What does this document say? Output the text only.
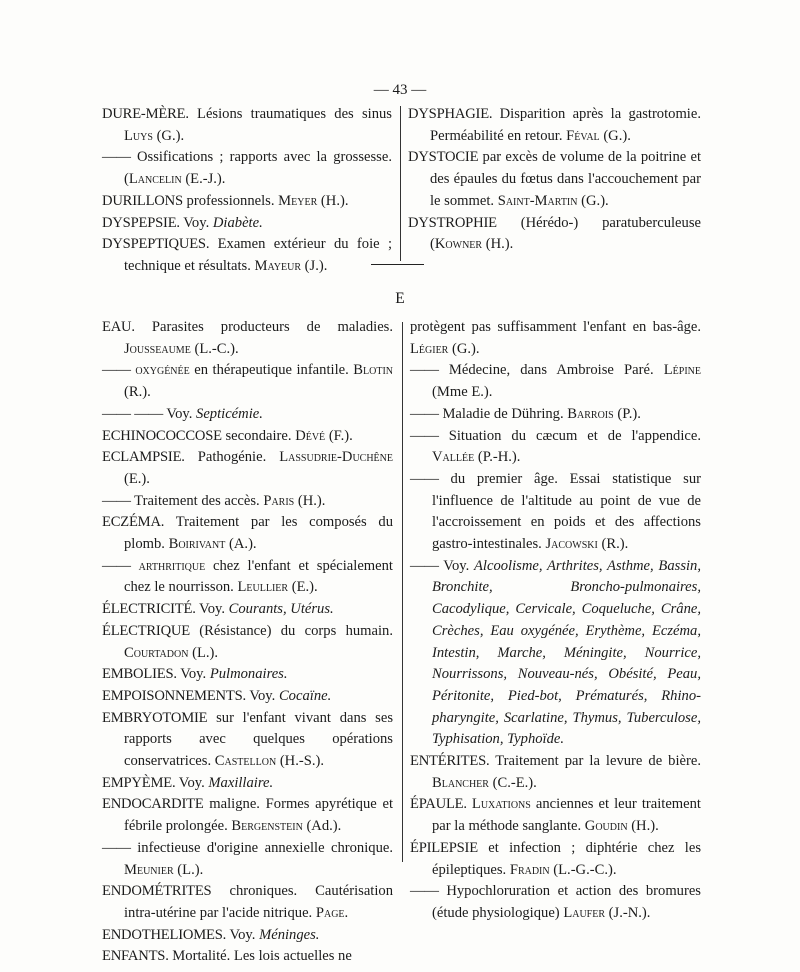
— 43 —

DURE-MÈRE. Lésions traumatiques des sinus Luys (G.).

—— Ossifications ; rapports avec la grossesse. (Lancelin (E.-J.).

DURILLONS professionnels. Meyer (H.).

DYSPEPSIE. Voy. Diabète.

DYSPEPTIQUES. Examen extérieur du foie ; technique et résultats. Mayeur (J.).

DYSPHAGIE. Disparition après la gastrotomie. Perméabilité en retour. Féval (G.).

DYSTOCIE par excès de volume de la poitrine et des épaules du fœtus dans l'accouchement par le sommet. Saint-Martin (G.).

DYSTROPHIE (Hérédo-) paratuberculeuse (Kowner (H.).

E

EAU. Parasites producteurs de maladies. Jousseaume (L.-C.).

—— oxygénée en thérapeutique infantile. Blotin (R.).

—— —— Voy. Septicémie.

ECHINOCOCCOSE secondaire. Dévé (F.).

ECLAMPSIE. Pathogénie. Lassudrie-Duchêne (E.).

—— Traitement des accès. Paris (H.).

ECZÉMA. Traitement par les composés du plomb. Boirivant (A.).

—— arthritique chez l'enfant et spécialement chez le nourrisson. Leullier (E.).

ÉLECTRICITÉ. Voy. Courants, Utérus.

ÉLECTRIQUE (Résistance) du corps humain. Courtadon (L.).

EMBOLIES. Voy. Pulmonaires.

EMPOISONNEMENTS. Voy. Cocaïne.

EMBRYOTOMIE sur l'enfant vivant dans ses rapports avec quelques opérations conservatrices. Castellon (H.-S.).

EMPYÈME. Voy. Maxillaire.

ENDOCARDITE maligne. Formes apyrétique et fébrile prolongée. Bergenstein (Ad.).

—— infectieuse d'origine annexielle chronique. Meunier (L.).

ENDOMÉTRITES chroniques. Cautérisation intra-utérine par l'acide nitrique. Page.

ENDOTHELIOMES. Voy. Méninges.

ENFANTS. Mortalité. Les lois actuelles ne

protègent pas suffisamment l'enfant en bas-âge. Légier (G.).

—— Médecine, dans Ambroise Paré. Lépine (Mme E.).

—— Maladie de Dühring. Barrois (P.).

—— Situation du cæcum et de l'appendice. Vallée (P.-H.).

—— du premier âge. Essai statistique sur l'influence de l'altitude au point de vue de l'accroissement en poids et des affections gastro-intestinales. Jacowski (R.).

—— Voy. Alcoolisme, Arthrites, Asthme, Bassin, Bronchite, Broncho-pulmonaires, Cacodylique, Cervicale, Coqueluche, Crâne, Crèches, Eau oxygénée, Erythème, Eczéma, Intestin, Marche, Méningite, Nourrice, Nourrissons, Nouveau-nés, Obésité, Peau, Péritonite, Pied-bot, Prématurés, Rhino-pharyngite, Scarlatine, Thymus, Tuberculose, Typhisation, Typhoïde.

ENTÉRITES. Traitement par la levure de bière. Blancher (C.-E.).

ÉPAULE. Luxations anciennes et leur traitement par la méthode sanglante. Goudin (H.).

ÉPILEPSIE et infection ; diphtérie chez les épileptiques. Fradin (L.-G.-C.).

—— Hypochloruration et action des bromures (étude physiologique) Laufer (J.-N.).
